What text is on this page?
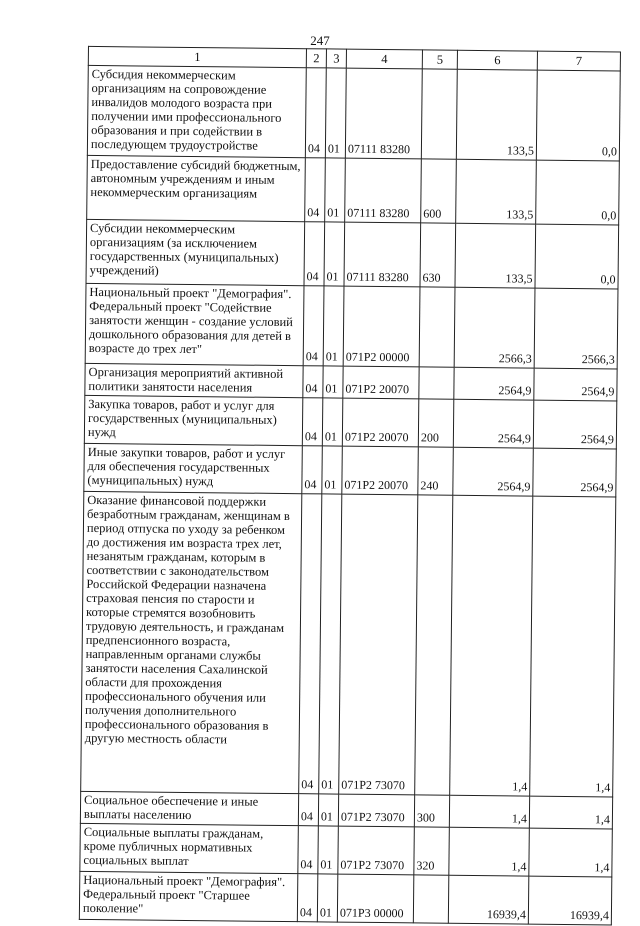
247
1	2	3	4	5	6	7
Субсидия некоммерческим организациям на сопровождение инвалидов молодого возраста при получении ими профессионального образования и при содействии в последующем трудоустройстве	04	01	07111 83280		133,5	0,0
Предоставление субсидий бюджетным, автономным учреждениям и иным некоммерческим организациям	04	01	07111 83280	600	133,5	0,0
Субсидии некоммерческим организациям (за исключением государственных (муниципальных) учреждений)	04	01	07111 83280	630	133,5	0,0
Национальный проект "Демография". Федеральный проект "Содействие занятости женщин - создание условий дошкольного образования для детей в возрасте до трех лет"	04	01	071P2 00000		2566,3	2566,3
Организация мероприятий активной политики занятости населения	04	01	071P2 20070		2564,9	2564,9
Закупка товаров, работ и услуг для государственных (муниципальных) нужд	04	01	071P2 20070	200	2564,9	2564,9
Иные закупки товаров, работ и услуг для обеспечения государственных (муниципальных) нужд	04	01	071P2 20070	240	2564,9	2564,9
Оказание финансовой поддержки безработным гражданам, женщинам в период отпуска по уходу за ребенком до достижения им возраста трех лет, незанятым гражданам, которым в соответствии с законодательством Российской Федерации назначена страховая пенсия по старости и которые стремятся возобновить трудовую деятельность, и гражданам предпенсионного возраста, направленным органами службы занятости населения Сахалинской области для прохождения профессионального обучения или получения дополнительного профессионального образования в другую местность области	04	01	071P2 73070		1,4	1,4
Социальное обеспечение и иные выплаты населению	04	01	071P2 73070	300	1,4	1,4
Социальные выплаты гражданам, кроме публичных нормативных социальных выплат	04	01	071P2 73070	320	1,4	1,4
Национальный проект "Демография". Федеральный проект "Старшее поколение"	04	01	071P3 00000		16939,4	16939,4
